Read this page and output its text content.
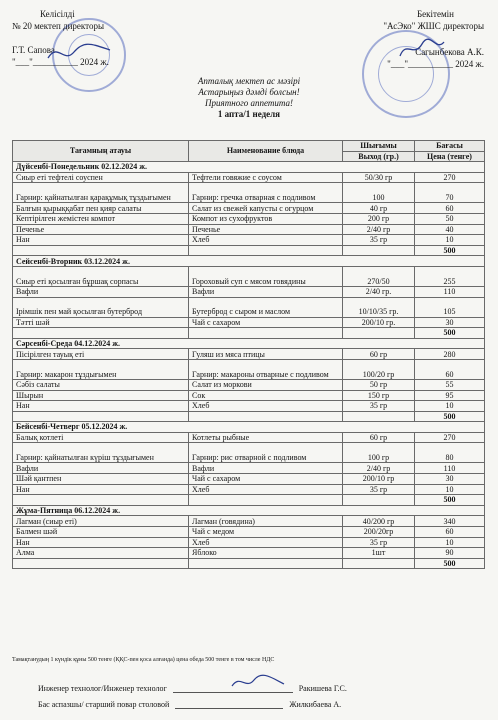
Келісілді
№ 20 мектеп директоры
Г.Т. Сапова
"___"__________ 2024 ж.
Бекітемін
"АсЭко" ЖШС директоры
Сагынбекова А.К.
"___"__________ 2024 ж.
Апталық мектеп ас мәзірі
Астарыңыз дәмді болсын!
Приятного аппетита!
1 апта/1 неделя
Тағамның атауы	Наименование блюда	Шығымы	Бағасы
		Выход (гр.)	Цена (тенге)
Дүйсенбі-Понедельник 02.12.2024 ж.			
Сиыр еті тефтелі соуспен	Тефтели говяжие с соусом	50/30 гр	270
Гарнир: қайнатылған қарақұмық тұздығымен	Гарнир: гречка отварная с подливом	100	70
Балғын қырыққабат пен қияр салаты	Салат из свежей капусты с огурцом	40 гр	60
Кептірілген жемістен компот	Компот из сухофруктов	200 гр	50
Печенье	Печенье	2/40 гр	40
Нан	Хлеб	35 гр	10
			500
Сейсенбі-Вторник 03.12.2024 ж.			
Сиыр еті қосылған бұршақ сорпасы	Гороховый суп с мясом говядины	270/50	255
Вафли	Вафли	2/40 гр.	110
Ірімшік пен май қосылған бутерброд	Бутерброд с сыром и маслом	10/10/35 гр.	105
Тәтті шәй	Чай с сахаром	200/10 гр.	30
			500
Сәрсенбі-Среда 04.12.2024 ж.			
Пісірілген тауық еті	Гуляш из мяса птицы	60 гр	280
Гарнир: макарон тұздығымен	Гарнир: макароны отварные с подливом	100/20 гр	60
Сәбіз салаты	Салат из моркови	50 гр	55
Шырын	Сок	150 гр	95
Нан	Хлеб	35 гр	10
			500
Бейсенбі-Четверг 05.12.2024 ж.			
Балық котлеті	Котлеты рыбные	60 гр	270
Гарнир: қайнатылған күріш тұздығымен	Гарнир: рис отварной с подливом	100 гр	80
Вафли	Вафли	2/40 гр	110
Шәй қантпен	Чай с сахаром	200/10 гр	30
Нан	Хлеб	35 гр	10
			500
Жұма-Пятница 06.12.2024 ж.			
Лагман (сиыр еті)	Лагман (говядина)	40/200 гр	340
Балмен шәй	Чай с медом	200/20гр	60
Нан	Хлеб	35 гр	10
Алма	Яблоко	1шт	90
			500
Тамақтанудың 1 күндік құны 500 тенге (ҚҚС-пен қоса алғанда) цена обеда 500 тенге в том числе НДС
Инженер технолог/Инженер технолог	Ракишева Г.С.
Бас аспазшы/ старший повар столовой	Жилкибаева А.
